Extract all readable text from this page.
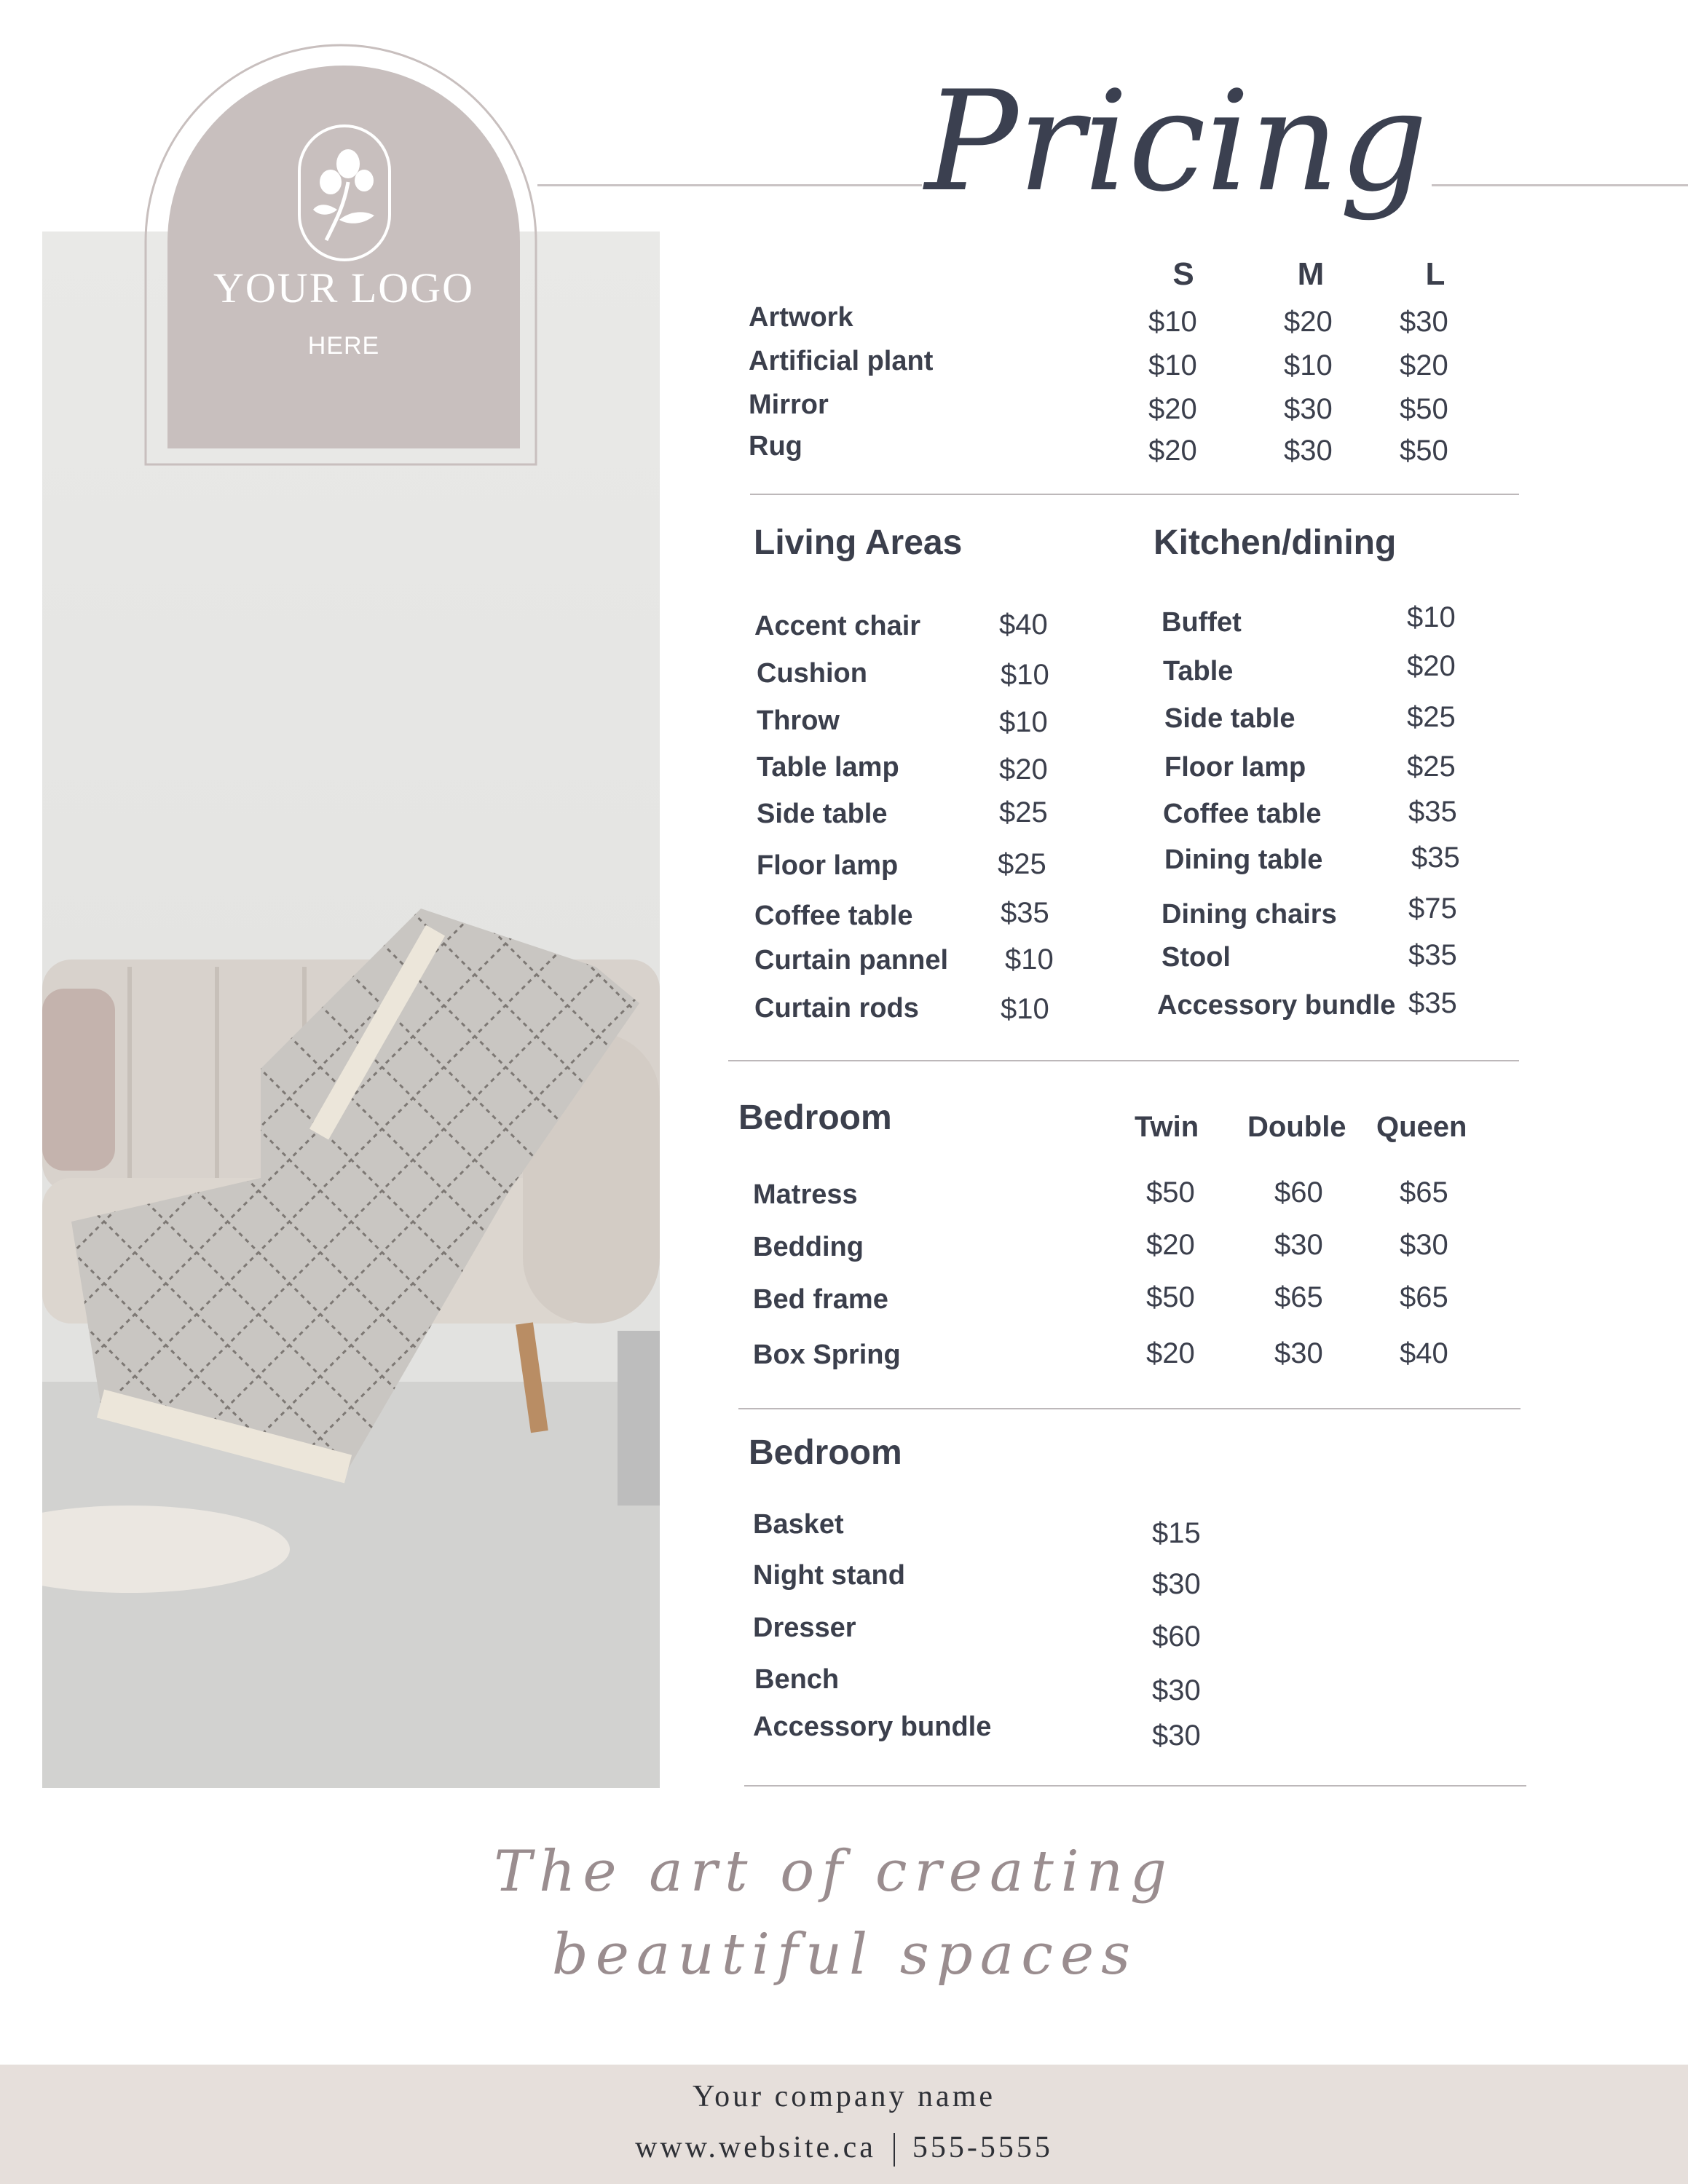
YOUR LOGO
HERE
Pricing
S	M	L
Artwork	$10	$20 $30
Artificial plant	$10	$10 $20
Mirror	$20	$30 $50
Rug	$20	$30 $50
Living Areas
Accent chair	$40
Cushion	$10
Throw	$10
Table lamp	$20
Side table	$25
Floor lamp	$25
Coffee table	$35
Curtain pannel $10
Curtain rods	$10
Kitchen/dining
Buffet	$10
Table	$20
Side table	$25
Floor lamp	$25
Coffee table	$35
Dining table	$35
Dining chairs $75
Stool	$35
Accessory bundle $35
Bedroom	Twin Double Queen
Matress	$50	$60	$65
Bedding	$20	$30	$30
Bed frame	$50	$65	$65
Box Spring	$20	$30	$40
Bedroom
Basket	$15
Night stand	$30
Dresser	$60
Bench	$30
Accessory bundle	$30
The art of creating
beautiful spaces
Your company name
www.website.ca 555-5555
